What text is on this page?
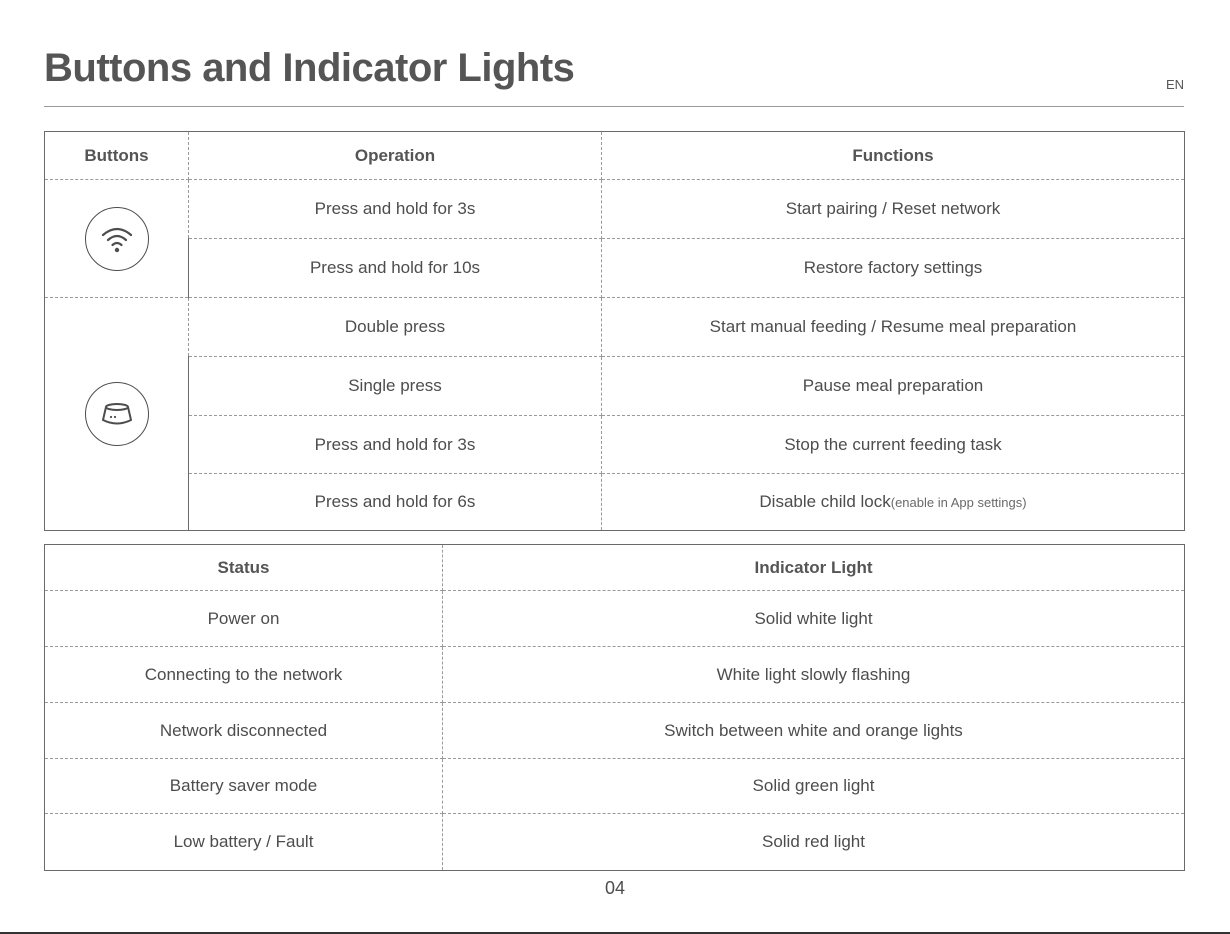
Buttons and Indicator Lights	EN
Buttons	Operation	Functions

	Press and hold for 3s	Start pairing / Reset network
	Press and hold for 10s	Restore factory settings

	Double press	Start manual feeding / Resume meal preparation
	Single press	Pause meal preparation
	Press and hold for 3s	Stop the current feeding task
	Press and hold for 6s	Disable child lock(enable in App settings)
Status	Indicator Light
Power on	Solid white light
Connecting to the network	White light slowly flashing
Network disconnected	Switch between white and orange lights
Battery saver mode	Solid green light
Low battery / Fault	Solid red light
04
